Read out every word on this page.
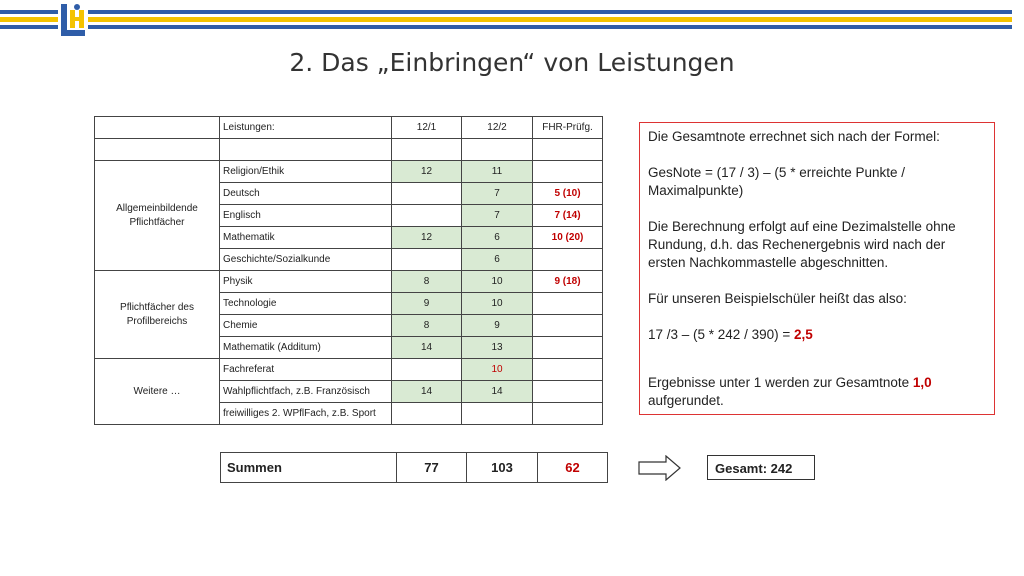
2. Das „Einbringen“ von Leistungen
	Leistungen:	12/1	12/2	FHR-Prüfg.

Allgemeinbildende Pflichtfächer	Religion/Ethik	12	11	
	Deutsch		7	5 (10)
	Englisch		7	7 (14)
	Mathematik	12	6	10 (20)
	Geschichte/Sozialkunde		6	
Pflichtfächer des Profilbereichs	Physik	8	10	9 (18)
	Technologie	9	10	
	Chemie	8	9	
	Mathematik (Additum)	14	13	
Weitere …	Fachreferat		10	
	Wahlpflichtfach, z.B. Französisch	14	14	
	freiwilliges 2. WPflFach, z.B. Sport			
Summen	77	103	62	Gesamt: 242

Die Gesamtnote errechnet sich nach der Formel:

GesNote = (17 / 3) – (5 * erreichte Punkte / Maximalpunkte)

Die Berechnung erfolgt auf eine Dezimalstelle ohne Rundung, d.h. das Rechenergebnis wird nach der ersten Nachkommastelle abgeschnitten.

Für unseren Beispielschüler heißt das also:

17 /3 – (5 * 242 / 390) = 2,5

Ergebnisse unter 1 werden zur Gesamtnote 1,0 aufgerundet.
